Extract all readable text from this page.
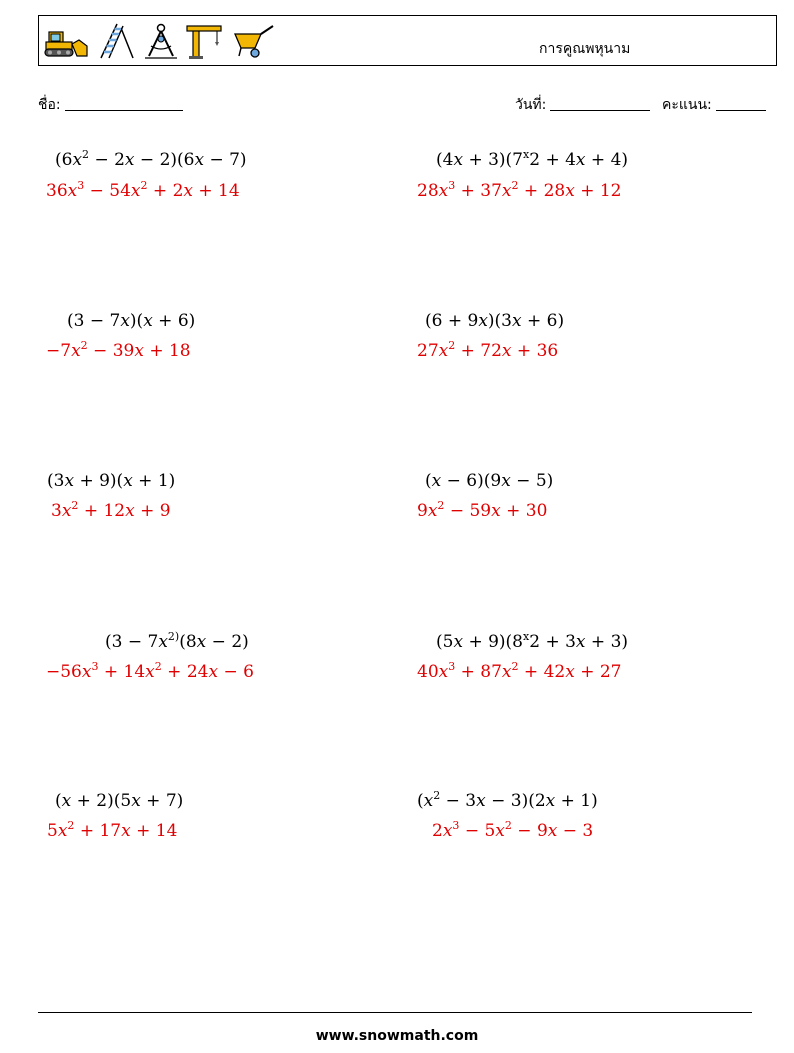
การคูณพหุนาม
ชื่อ:	วันที่:	คะแนน:
$(6x^2 - 2x - 2)(6x - 7)$
$36x^3 - 54x^2 + 2x + 14$
$(4x + 3)(7^x2 + 4x + 4)$
$28x^3 + 37x^2 + 28x + 12$
(3 − 7x)(x + 6)
$-7x^2 - 39x + 18$
(6 + 9x)(3x + 6)
$27x^2 + 72x + 36$
(3x + 9)(x + 1)
$3x^2 + 12x + 9$
(x − 6)(9x − 5)
$9x^2 - 59x + 30$
($3 - 7x^{2)}(8x - 2)$
$-56x^3 + 14x^2 + 24x - 6$
$(5x + 9)(8^x2 + 3x + 3)$
$40x^3 + 87x^2 + 42x + 27$
(x + 2)(5x + 7)
$5x^2 + 17x + 14$
$(x^2 - 3x - 3)(2x + 1)$
$2x^3 - 5x^2 - 9x - 3$
www.snowmath.com
